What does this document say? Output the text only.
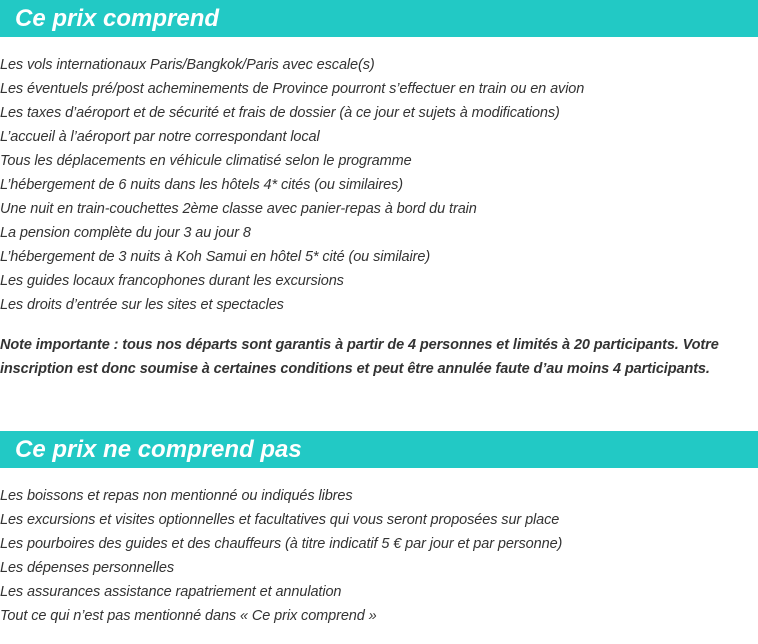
Ce prix comprend
Les vols internationaux Paris/Bangkok/Paris avec escale(s)
Les éventuels pré/post acheminements de Province pourront s’effectuer en train ou en avion
Les taxes d’aéroport et de sécurité et frais de dossier (à ce jour et sujets à modifications)
L’accueil à l’aéroport par notre correspondant local
Tous les déplacements en véhicule climatisé selon le programme
L’hébergement de 6 nuits dans les hôtels 4* cités (ou similaires)
Une nuit en train-couchettes 2ème classe avec panier-repas à bord du train
La pension complète du jour 3 au jour 8
L’hébergement de 3 nuits à Koh Samui en hôtel 5* cité (ou similaire)
Les guides locaux francophones durant les excursions
Les droits d’entrée sur les sites et spectacles

Note importante : tous nos départs sont garantis à partir de 4 personnes et limités à 20 participants. Votre inscription est donc soumise à certaines conditions et peut être annulée faute d’au moins 4 participants.

Ce prix ne comprend pas
Les boissons et repas non mentionné ou indiqués libres
Les excursions et visites optionnelles et facultatives qui vous seront proposées sur place
Les pourboires des guides et des chauffeurs (à titre indicatif 5 € par jour et par personne)
Les dépenses personnelles
Les assurances assistance rapatriement et annulation
Tout ce qui n’est pas mentionné dans « Ce prix comprend »
